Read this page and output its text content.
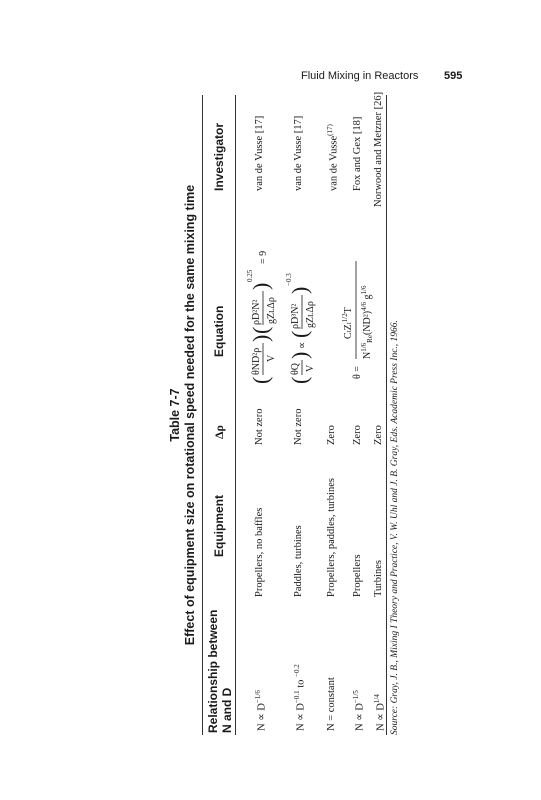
Fluid Mixing in Reactors 595
Table 7-7 Effect of equipment size on rotational speed needed for the same mixing time
Relationship between N and D
Equipment
Δρ
Equation
Investigator
$N \propto D^{-1/6}$
Propellers, no baffles
Not zero
(
θND²ρ V
)
(
ρD²N² gZLΔρ
)
0.25
= 9
van de Vusse [17]
$N \propto D^{-0.1}$ to $^{-0.2}$
Paddles, turbines
Not zero
(
θQ V
)
∝
(
ρD³N² gZLΔρ
)
−0.3
van de Vusse [17]
N = constant
Propellers, paddles, turbines
Zero
van de Vusse$^{(17)}$
$N \propto D^{-1/5}$
Propellers
Zero
θ =
CtZt$^{1/2}$T
$N^{1/6}_{Re}(ND^2)^{4/6}$ $g^{1/6}$
Fox and Gex [18]
$N \propto D^{1/4}$
Turbines
Zero
Norwood and Metzner [26]
Source: Gray, J. B., Mixing I Theory and Practice, V. W. Uhl and J. B. Gray, Eds. Academic Press Inc., 1966.
